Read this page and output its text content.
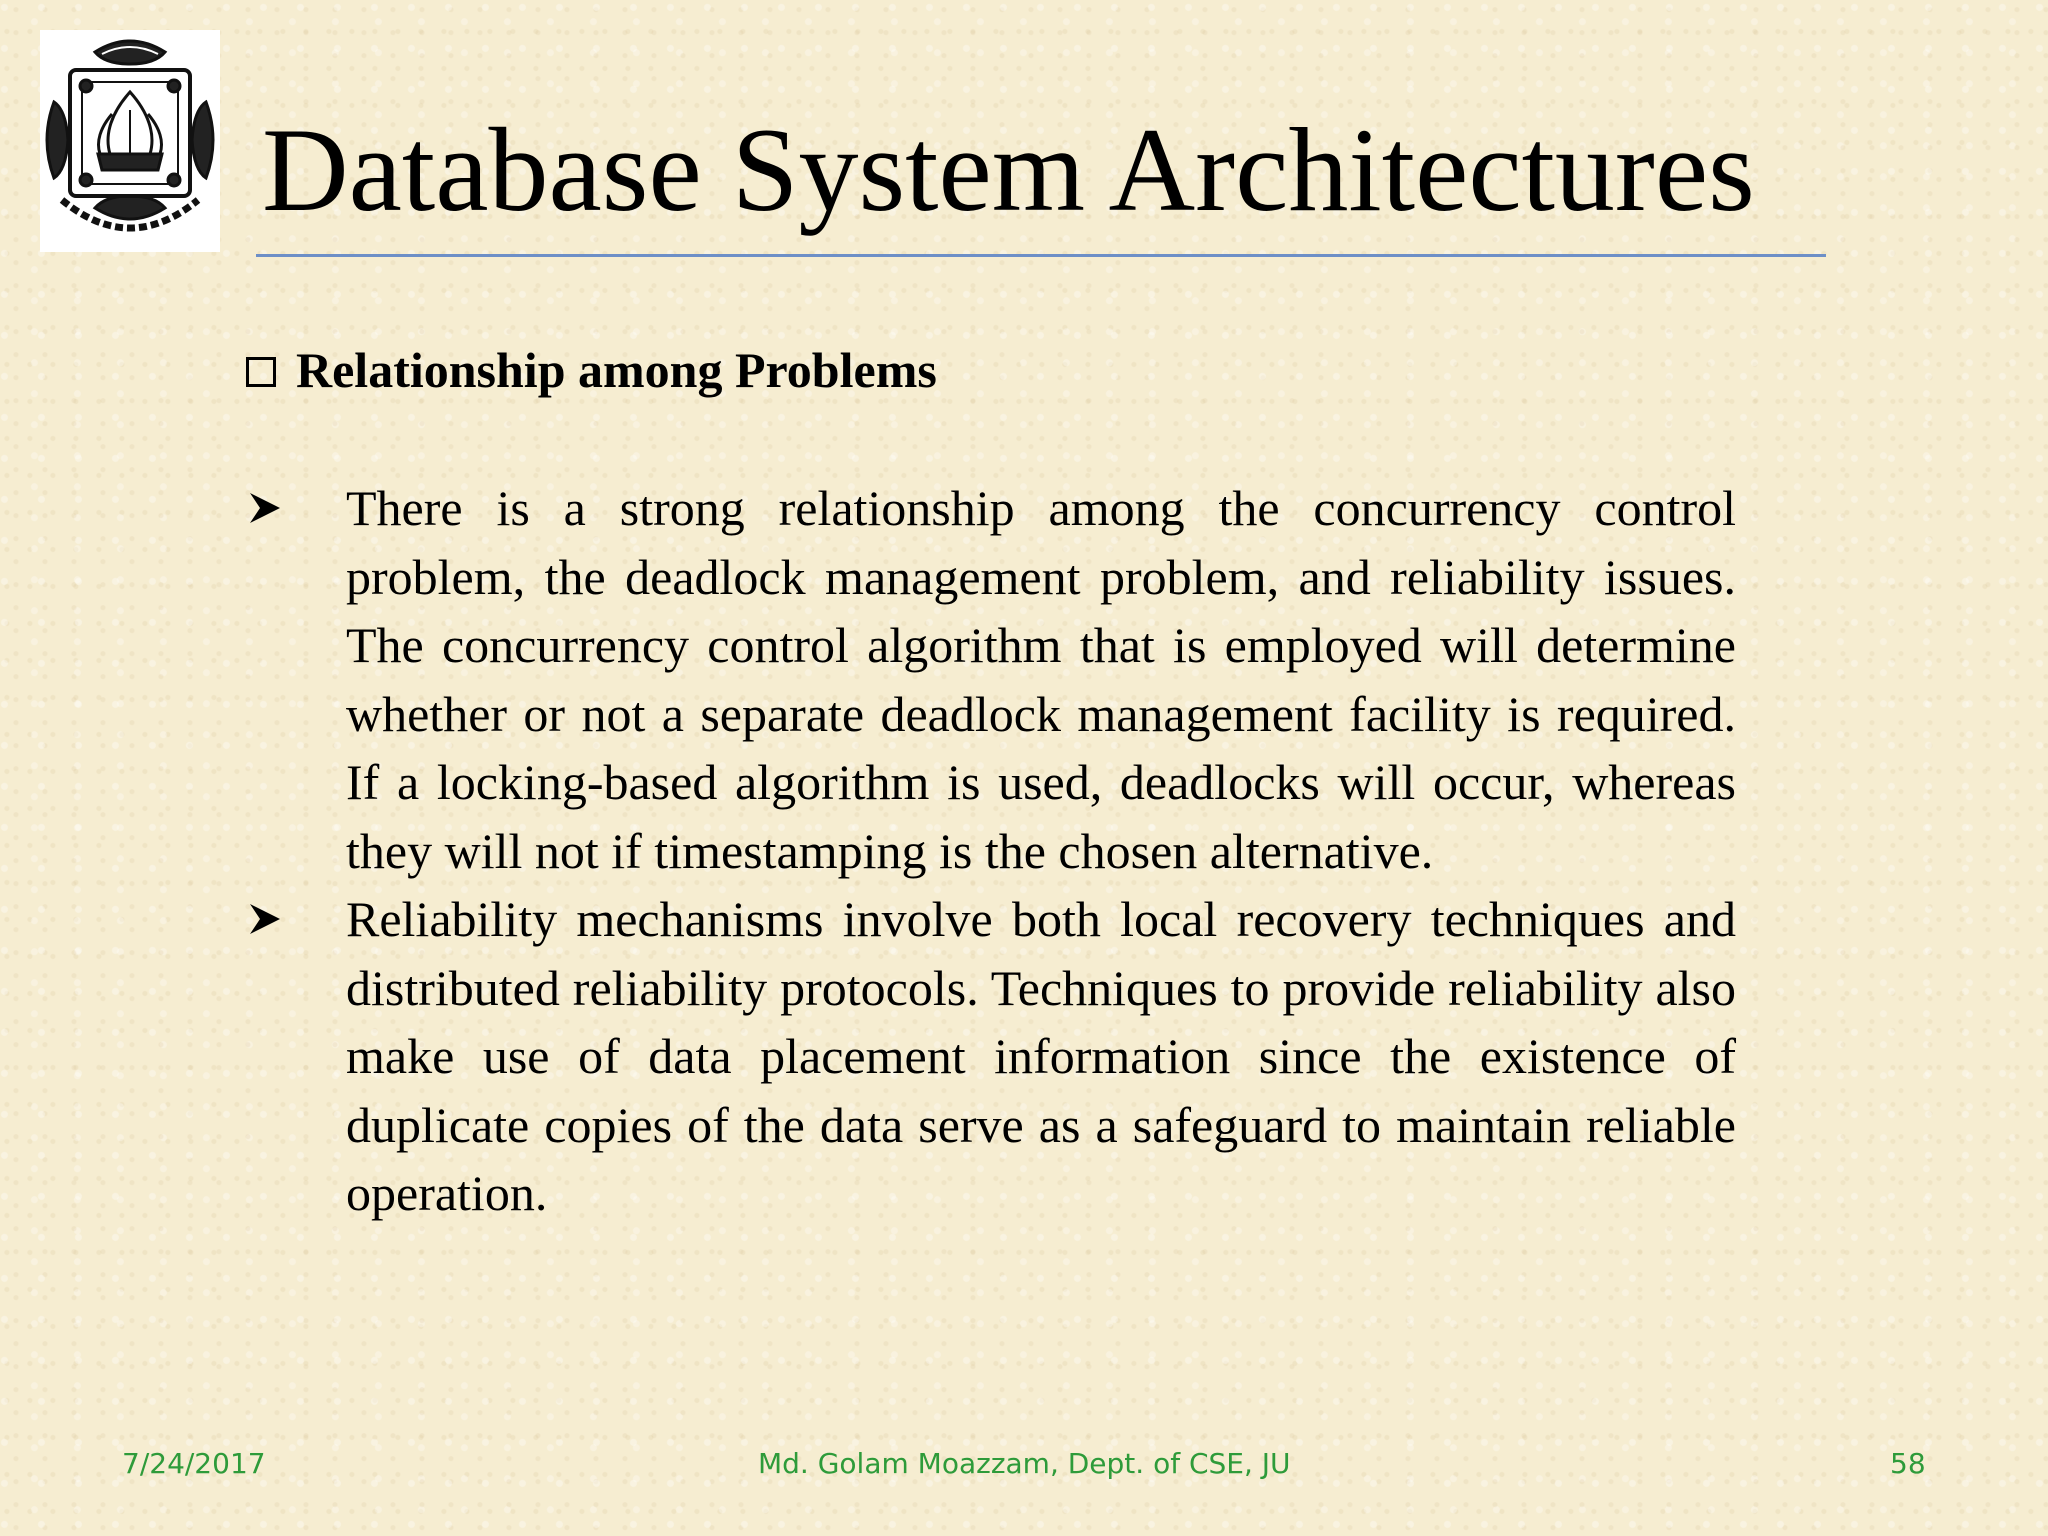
Database System Architectures
Relationship among Problems
There is a strong relationship among the concurrency control problem, the deadlock management problem, and reliability issues. The concurrency control algorithm that is employed will determine whether or not a separate deadlock management facility is required. If a locking-based algorithm is used, deadlocks will occur, whereas they will not if timestamping is the chosen alternative.
Reliability mechanisms involve both local recovery techniques and distributed reliability protocols. Techniques to provide reliability also make use of data placement information since the existence of duplicate copies of the data serve as a safeguard to maintain reliable operation.
7/24/2017	Md. Golam Moazzam, Dept. of CSE, JU	58
